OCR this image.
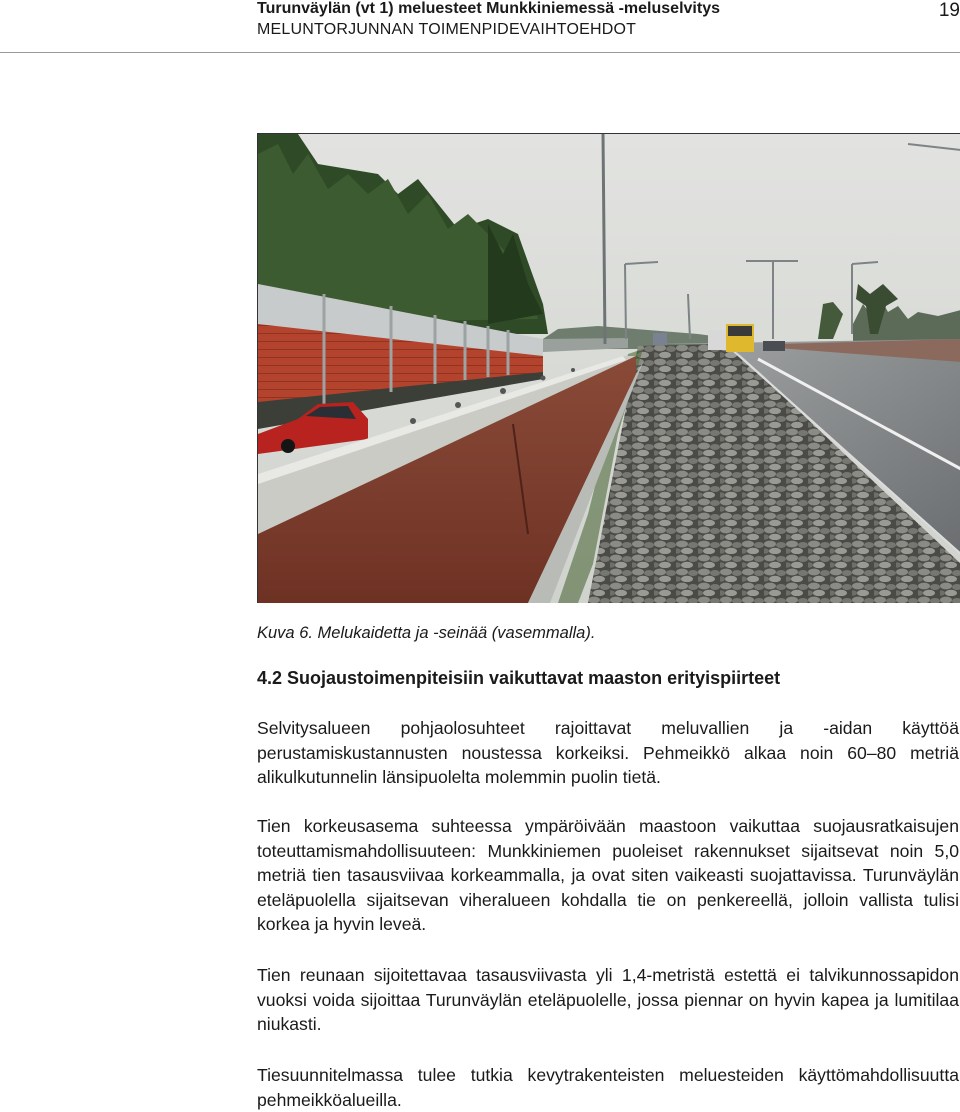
Turunväylän (vt 1) meluesteet Munkkiniemessä -meluselvitys
MELUNTORJUNNAN TOIMENPIDEVAIHTOEHDOT
19
Kuva 6. Melukaidetta ja -seinää (vasemmalla).
4.2 Suojaustoimenpiteisiin vaikuttavat maaston erityispiirteet
Selvitysalueen pohjaolosuhteet rajoittavat meluvallien ja -aidan käyttöä perustamiskustannusten noustessa korkeiksi. Pehmeikkö alkaa noin 60–80 metriä alikulkutunnelin länsipuolelta molemmin puolin tietä.
Tien korkeusasema suhteessa ympäröivään maastoon vaikuttaa suojausratkaisujen toteuttamismahdollisuuteen: Munkkiniemen puoleiset rakennukset sijaitsevat noin 5,0 metriä tien tasausviivaa korkeammalla, ja ovat siten vaikeasti suojattavissa. Turunväylän eteläpuolella sijaitsevan viheralueen kohdalla tie on penkereellä, jolloin vallista tulisi korkea ja hyvin leveä.
Tien reunaan sijoitettavaa tasausviivasta yli 1,4-metristä estettä ei talvikunnossapidon vuoksi voida sijoittaa Turunväylän eteläpuolelle, jossa piennar on hyvin kapea ja lumitilaa niukasti.
Tiesuunnitelmassa tulee tutkia kevytrakenteisten meluesteiden käyttömahdollisuutta pehmeikköalueilla.
